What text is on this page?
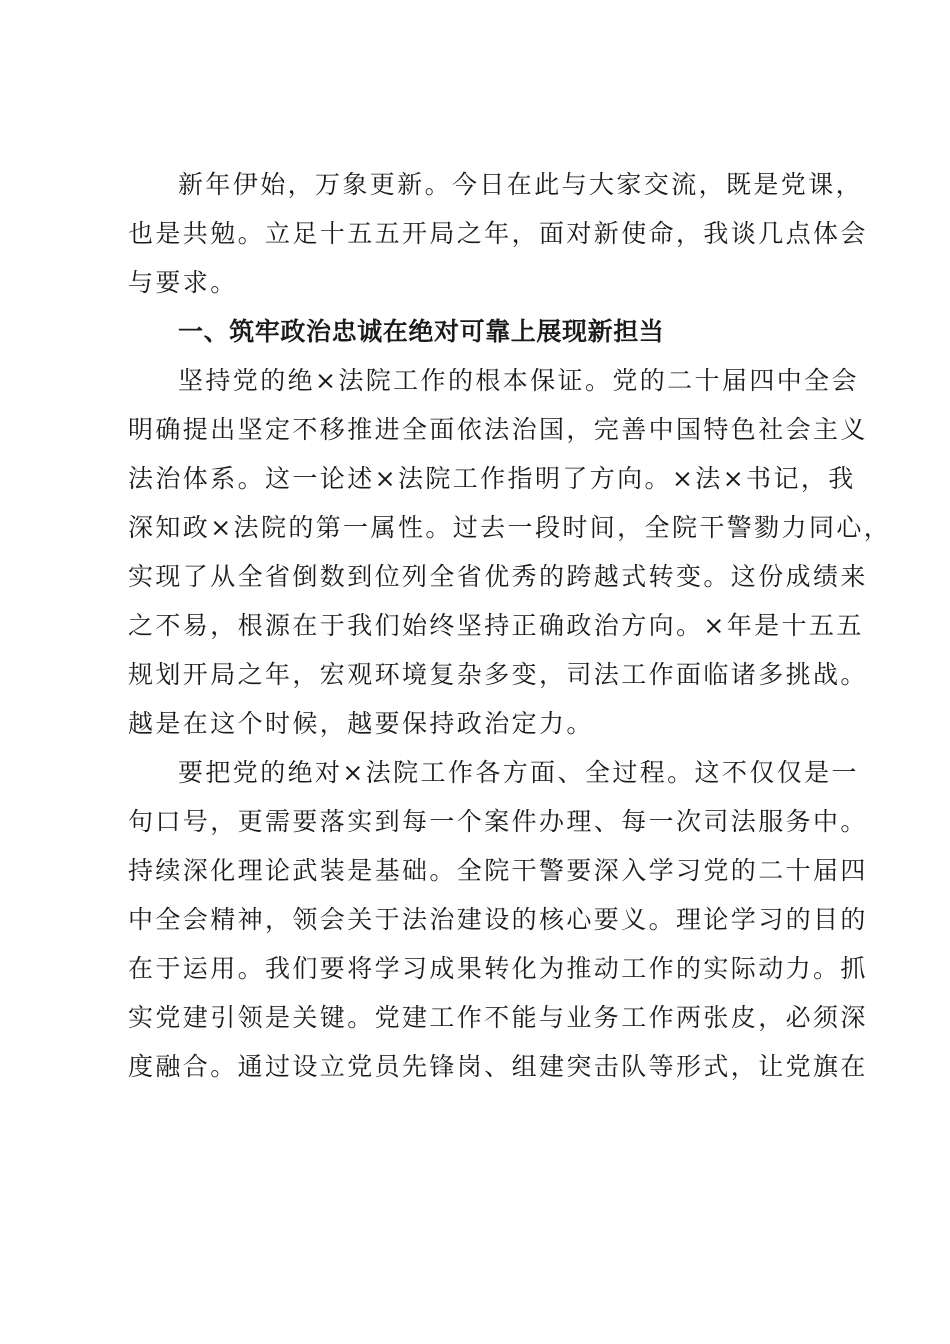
新年伊始，万象更新。今日在此与大家交流，既是党课，
也是共勉。立足十五五开局之年，面对新使命，我谈几点体会
与要求。
一、筑牢政治忠诚在绝对可靠上展现新担当
坚持党的绝×法院工作的根本保证。党的二十届四中全会
明确提出坚定不移推进全面依法治国，完善中国特色社会主义
法治体系。这一论述×法院工作指明了方向。×法×书记，我
深知政×法院的第一属性。过去一段时间，全院干警勠力同心，
实现了从全省倒数到位列全省优秀的跨越式转变。这份成绩来
之不易，根源在于我们始终坚持正确政治方向。×年是十五五
规划开局之年，宏观环境复杂多变，司法工作面临诸多挑战。
越是在这个时候，越要保持政治定力。
要把党的绝对×法院工作各方面、全过程。这不仅仅是一
句口号，更需要落实到每一个案件办理、每一次司法服务中。
持续深化理论武装是基础。全院干警要深入学习党的二十届四
中全会精神，领会关于法治建设的核心要义。理论学习的目的
在于运用。我们要将学习成果转化为推动工作的实际动力。抓
实党建引领是关键。党建工作不能与业务工作两张皮，必须深
度融合。通过设立党员先锋岗、组建突击队等形式，让党旗在
